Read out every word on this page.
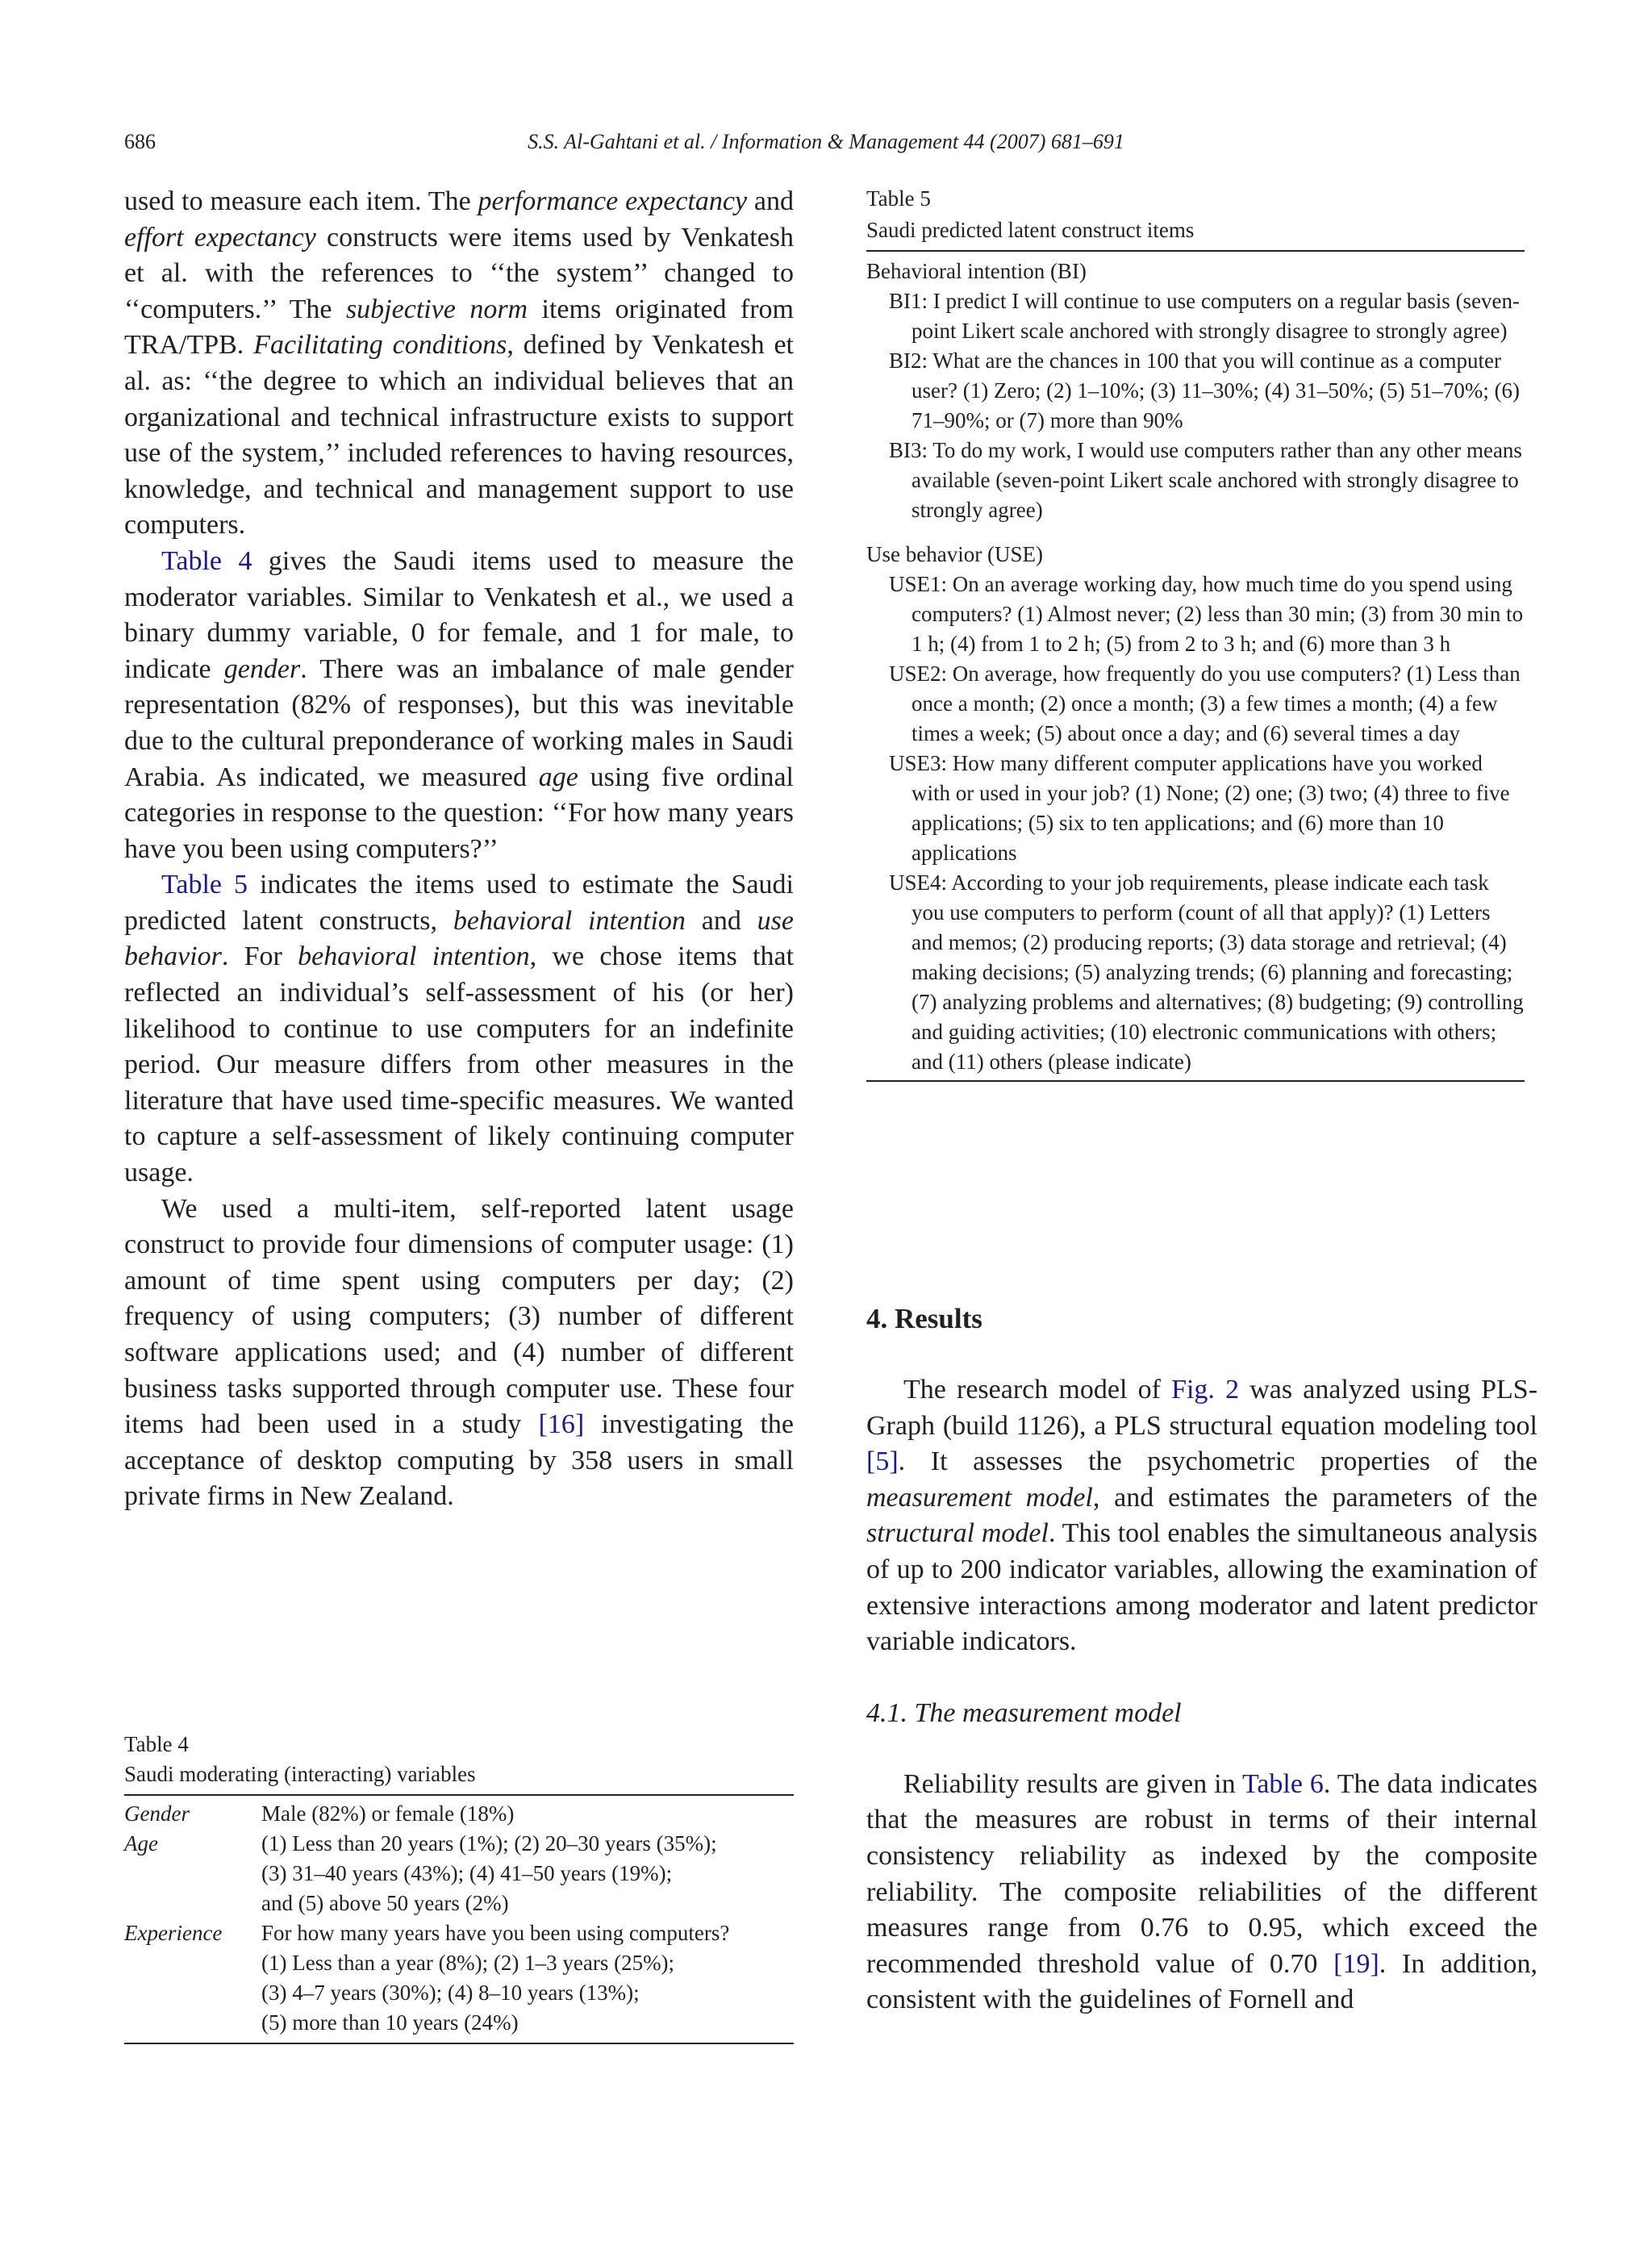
686	S.S. Al-Gahtani et al. / Information & Management 44 (2007) 681–691

used to measure each item. The performance expectancy and effort expectancy constructs were items used by Venkatesh et al. with the references to ‘‘the system’’ changed to ‘‘computers.’’ The subjective norm items originated from TRA/TPB. Facilitating conditions, defined by Venkatesh et al. as: ‘‘the degree to which an individual believes that an organizational and technical infrastructure exists to support use of the system,’’ included references to having resources, knowledge, and technical and management support to use computers.

Table 4 gives the Saudi items used to measure the moderator variables. Similar to Venkatesh et al., we used a binary dummy variable, 0 for female, and 1 for male, to indicate gender. There was an imbalance of male gender representation (82% of responses), but this was inevitable due to the cultural preponderance of working males in Saudi Arabia. As indicated, we measured age using five ordinal categories in response to the question: ‘‘For how many years have you been using computers?’’

Table 5 indicates the items used to estimate the Saudi predicted latent constructs, behavioral intention and use behavior. For behavioral intention, we chose items that reflected an individual’s self-assessment of his (or her) likelihood to continue to use computers for an indefinite period. Our measure differs from other measures in the literature that have used time-specific measures. We wanted to capture a self-assessment of likely continuing computer usage.

We used a multi-item, self-reported latent usage construct to provide four dimensions of computer usage: (1) amount of time spent using computers per day; (2) frequency of using computers; (3) number of different software applications used; and (4) number of different business tasks supported through computer use. These four items had been used in a study [16] investigating the acceptance of desktop computing by 358 users in small private firms in New Zealand.

Table 4
Saudi moderating (interacting) variables
Gender	Male (82%) or female (18%)
Age	(1) Less than 20 years (1%); (2) 20–30 years (35%);
	(3) 31–40 years (43%); (4) 41–50 years (19%);
	and (5) above 50 years (2%)
Experience	For how many years have you been using computers?
	(1) Less than a year (8%); (2) 1–3 years (25%);
	(3) 4–7 years (30%); (4) 8–10 years (13%);
	(5) more than 10 years (24%)
Table 5
Saudi predicted latent construct items
Behavioral intention (BI)
BI1: I predict I will continue to use computers on a regular basis (seven-point Likert scale anchored with strongly disagree to strongly agree)
BI2: What are the chances in 100 that you will continue as a computer user? (1) Zero; (2) 1–10%; (3) 11–30%; (4) 31–50%; (5) 51–70%; (6) 71–90%; or (7) more than 90%
BI3: To do my work, I would use computers rather than any other means available (seven-point Likert scale anchored with strongly disagree to strongly agree)
Use behavior (USE)
USE1: On an average working day, how much time do you spend using computers? (1) Almost never; (2) less than 30 min; (3) from 30 min to 1 h; (4) from 1 to 2 h; (5) from 2 to 3 h; and (6) more than 3 h
USE2: On average, how frequently do you use computers? (1) Less than once a month; (2) once a month; (3) a few times a month; (4) a few times a week; (5) about once a day; and (6) several times a day
USE3: How many different computer applications have you worked with or used in your job? (1) None; (2) one; (3) two; (4) three to five applications; (5) six to ten applications; and (6) more than 10 applications
USE4: According to your job requirements, please indicate each task you use computers to perform (count of all that apply)? (1) Letters and memos; (2) producing reports; (3) data storage and retrieval; (4) making decisions; (5) analyzing trends; (6) planning and forecasting; (7) analyzing problems and alternatives; (8) budgeting; (9) controlling and guiding activities; (10) electronic communications with others; and (11) others (please indicate)
4. Results

The research model of Fig. 2 was analyzed using PLS-Graph (build 1126), a PLS structural equation modeling tool [5]. It assesses the psychometric properties of the measurement model, and estimates the parameters of the structural model. This tool enables the simultaneous analysis of up to 200 indicator variables, allowing the examination of extensive interactions among moderator and latent predictor variable indicators.

4.1. The measurement model

Reliability results are given in Table 6. The data indicates that the measures are robust in terms of their internal consistency reliability as indexed by the composite reliability. The composite reliabilities of the different measures range from 0.76 to 0.95, which exceed the recommended threshold value of 0.70 [19]. In addition, consistent with the guidelines of Fornell and
